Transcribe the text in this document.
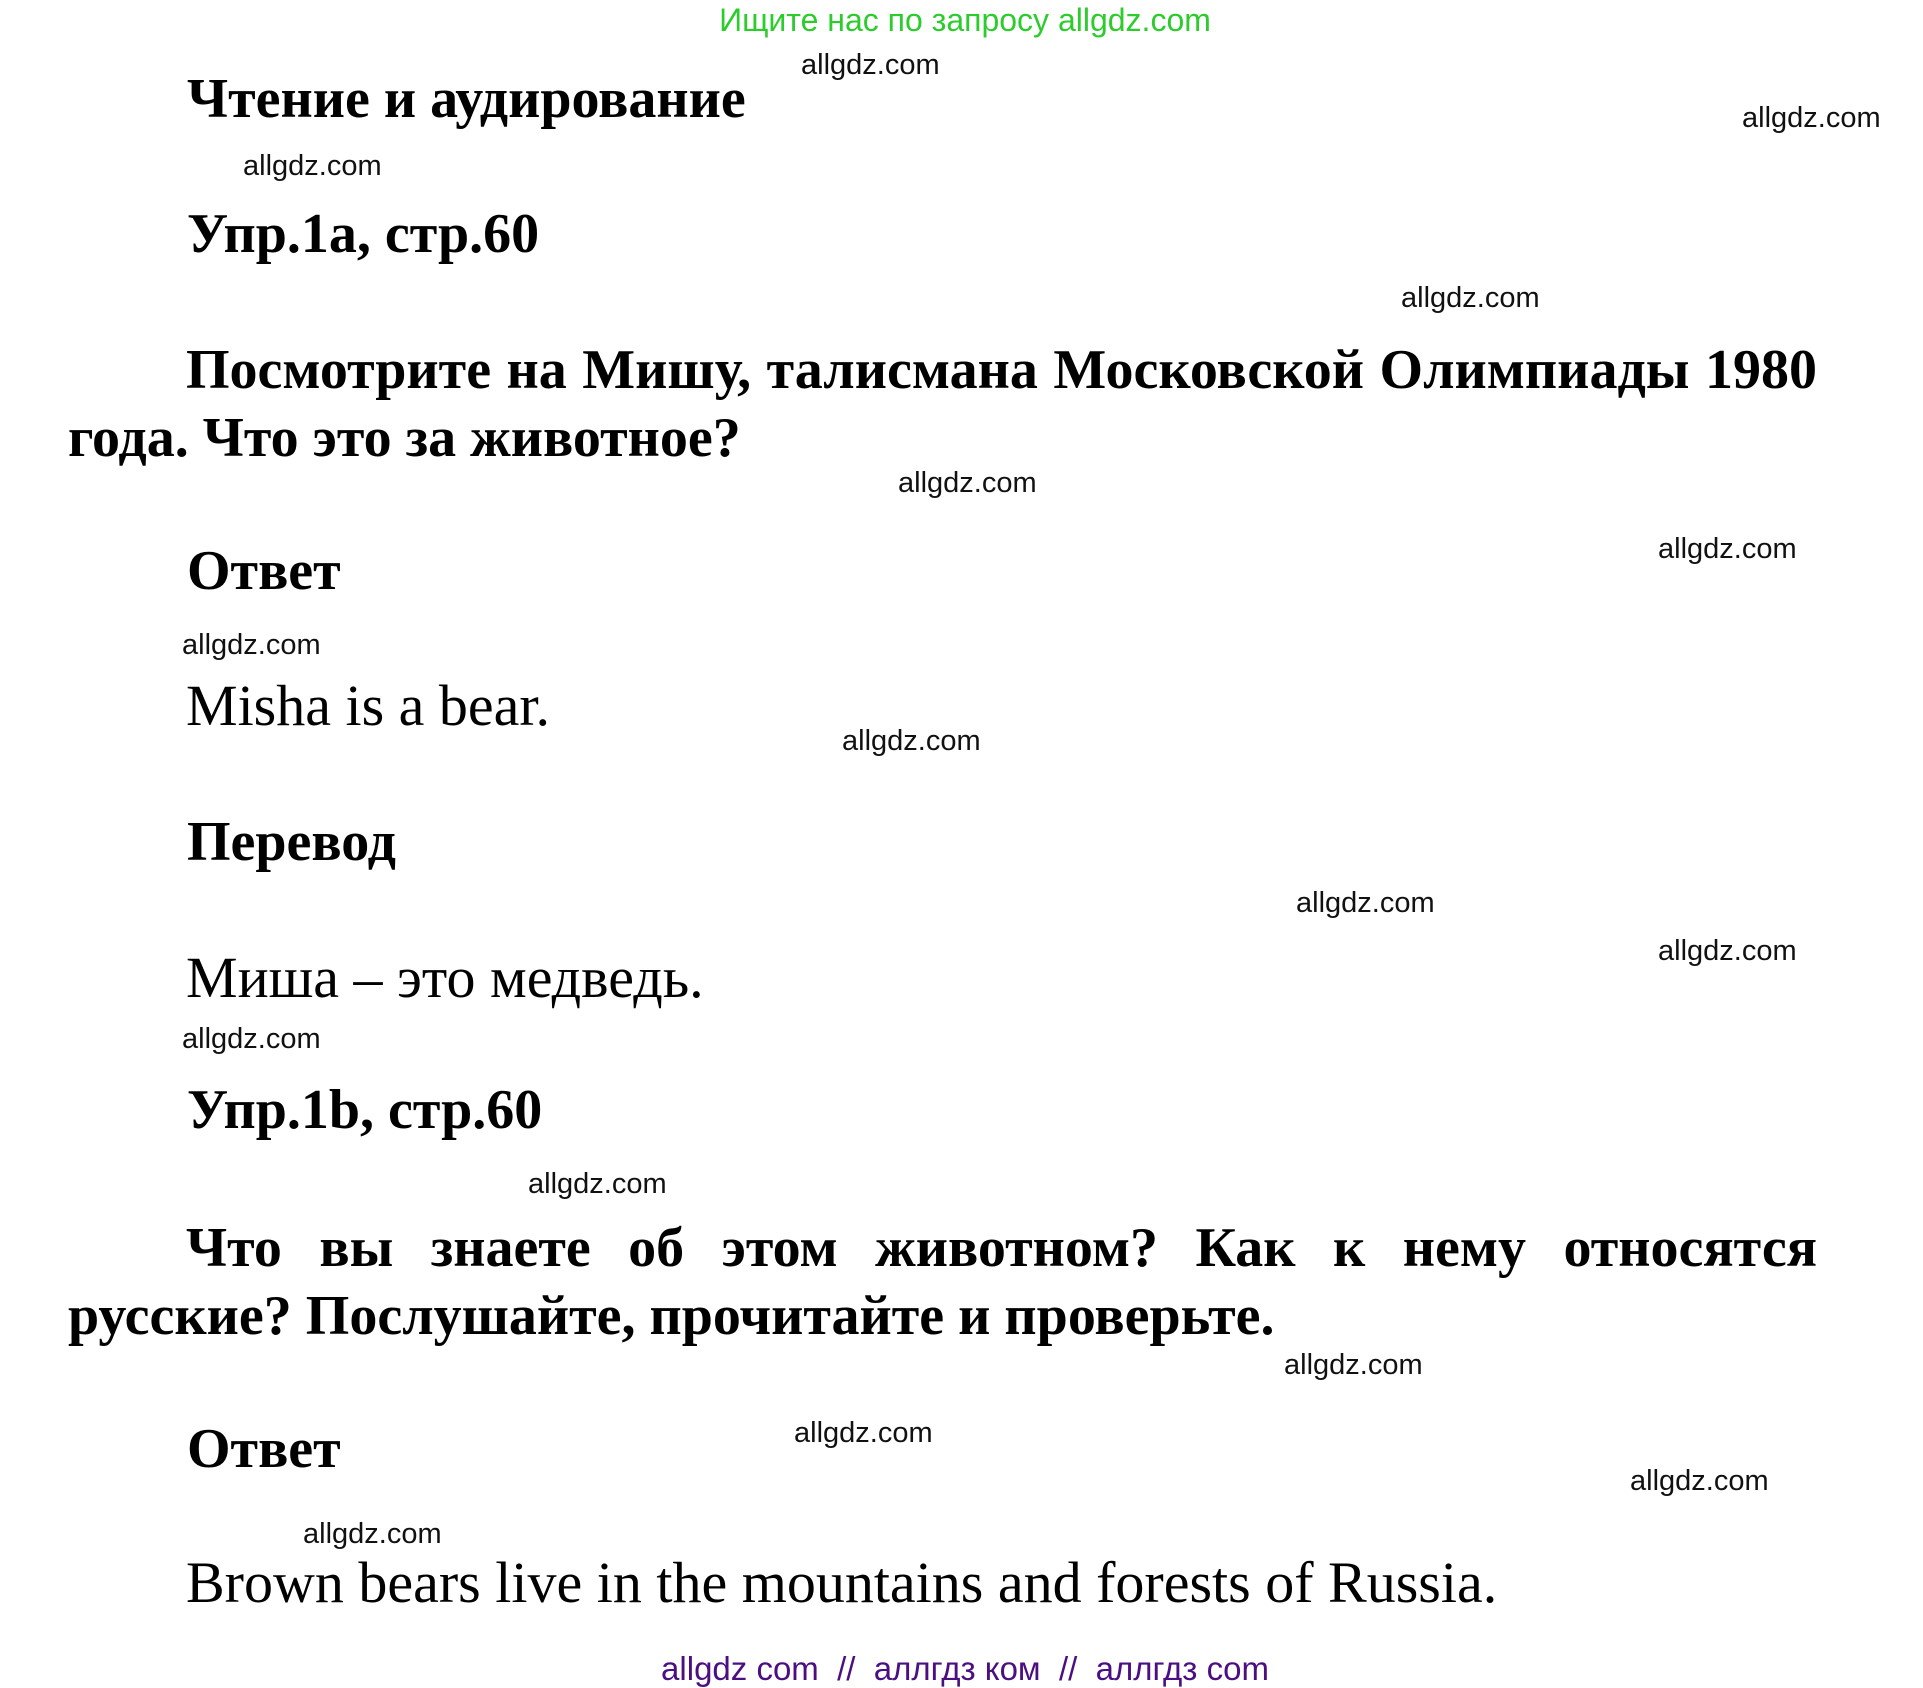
Ищите нас по запросу allgdz.com
Чтение и аудирование
Упр.1a, стр.60
Посмотрите на Мишу, талисмана Московской Олимпиады 1980 года. Что это за животное?
Ответ
Misha is a bear.
Перевод
Миша – это медведь.
Упр.1b, стр.60
Что вы знаете об этом животном? Как к нему относятся русские? Послушайте, прочитайте и проверьте.
Ответ
Brown bears live in the mountains and forests of Russia.
allgdz.com
allgdz.com
allgdz.com
allgdz.com
allgdz.com
allgdz.com
allgdz.com
allgdz.com
allgdz.com
allgdz.com
allgdz.com
allgdz.com
allgdz.com
allgdz.com
allgdz.com
allgdz.com
allgdz com  //  аллгдз ком  //  аллгдз com
